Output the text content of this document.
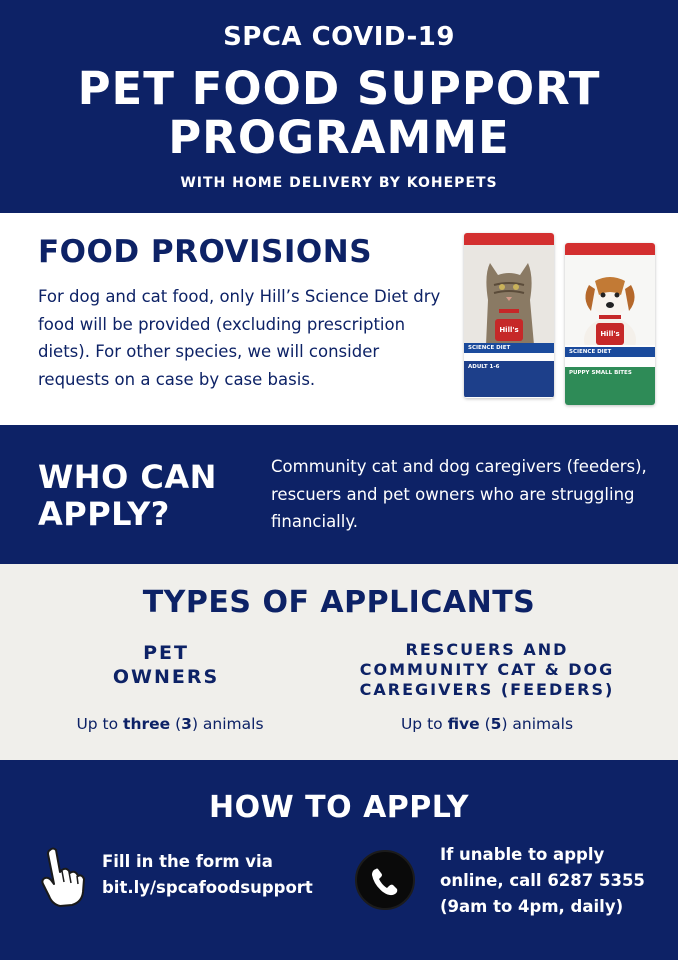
SPCA COVID-19
PET FOOD SUPPORT
PROGRAMME
WITH HOME DELIVERY BY KOHEPETS
FOOD PROVISIONS
For dog and cat food, only Hill’s Science Diet dry food will be provided (excluding prescription diets). For other species, we will consider requests on a case by case basis.
Hill's
SCIENCE DIET
ADULT 1-6
Hill's
SCIENCE DIET
PUPPY SMALL BITES
WHO CAN
APPLY?
Community cat and dog caregivers (feeders), rescuers and pet owners who are struggling financially.
TYPES OF APPLICANTS
PET
OWNERS
RESCUERS AND
COMMUNITY CAT & DOG
CAREGIVERS (FEEDERS)
Up to three (3) animals	Up to five (5) animals
HOW TO APPLY
Fill in the form via
bit.ly/spcafoodsupport
If unable to apply
online, call 6287 5355
(9am to 4pm, daily)
